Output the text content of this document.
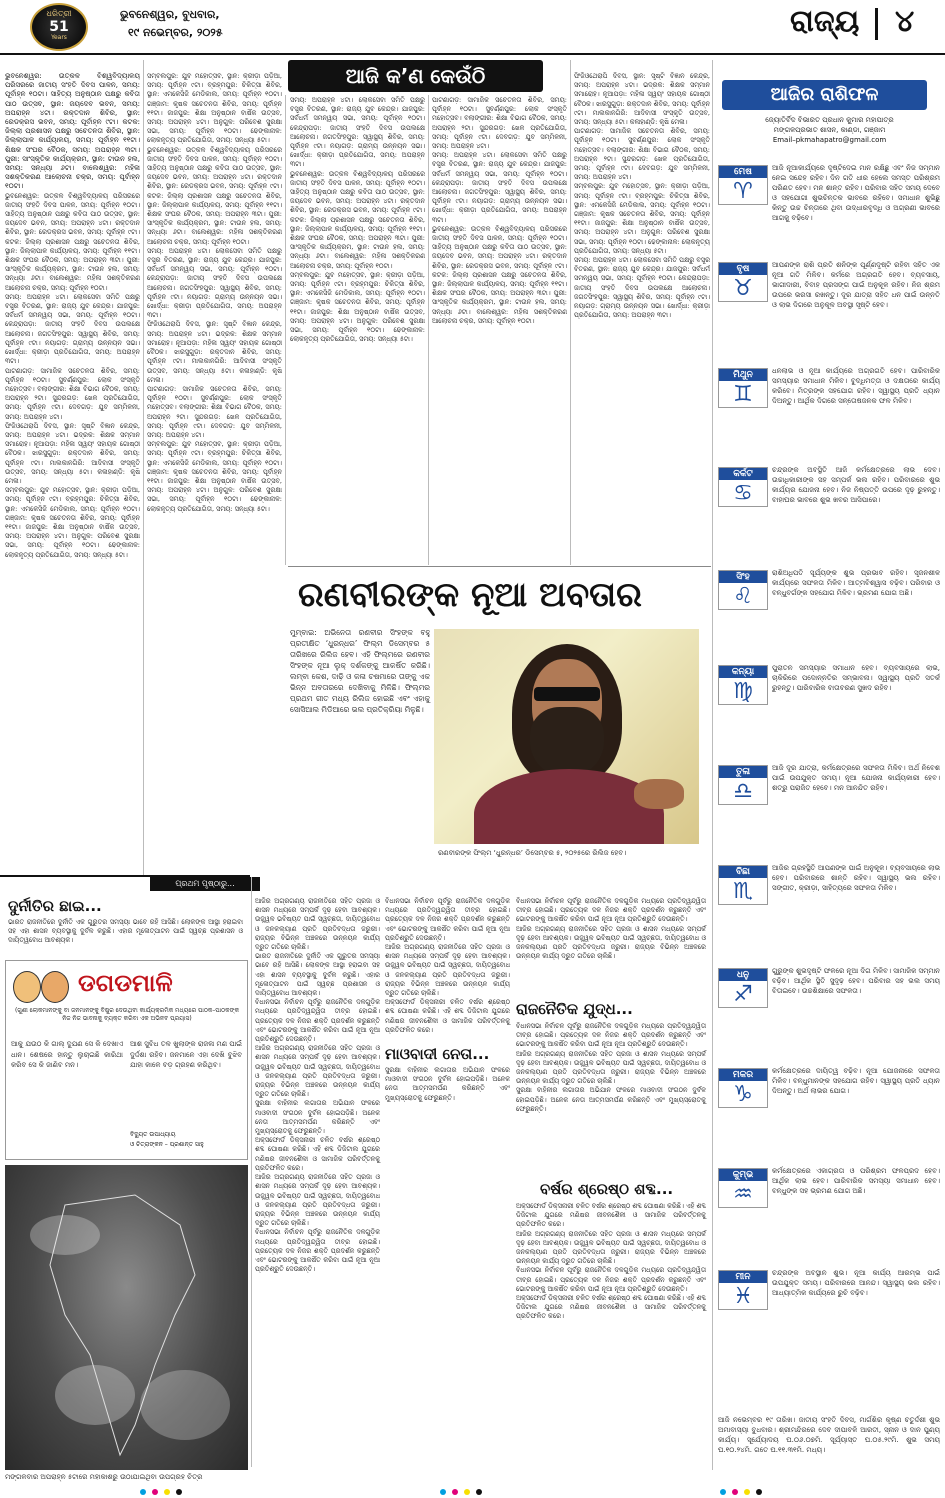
ଧରିତ୍ରୀ
51
Years
ଭୁବନେଶ୍ୱର, ବୁଧବାର,
୧୯ ନଭେମ୍ବର, ୨୦୨୫	ରାଜ୍ୟ ୪
ଆଜି କ’ଣ କେଉଁଠି
ଭୁବନେଶ୍ୱର: ଉତ୍କଳ ବିଶ୍ୱବିଦ୍ୟାଳୟ ପରିସରରେ ଜାତୀୟ ସଂହତି ଦିବସ ପାଳନ, ସମୟ: ପୂର୍ବାହ୍ନ ୧୦ଟା। ସାହିତ୍ୟ ଅନୁଷ୍ଠାନ ପକ୍ଷରୁ କବିତା ପାଠ ଉତ୍ସବ, ସ୍ଥାନ: ଜୟଦେବ ଭବନ, ସମୟ: ଅପରାହ୍ନ ୪ଟା। ରକ୍ତଦାନ ଶିବିର, ସ୍ଥାନ: ରେଡକ୍ରସ ଭବନ, ସମୟ: ପୂର୍ବାହ୍ନ ୯ଟା। କଟକ: ଜିଲ୍ଲା ପ୍ରଶାସନ ପକ୍ଷରୁ ସଚେତନତା ଶିବିର, ସ୍ଥାନ: ଜିଲ୍ଲାପାଳ କାର୍ଯ୍ୟାଳୟ, ସମୟ: ପୂର୍ବାହ୍ନ ୧୧ଟା। ଶିକ୍ଷକ ସଂଘର ବୈଠକ, ସମୟ: ଅପରାହ୍ନ ୩ଟା। ପୁରୀ: ସାଂସ୍କୃତିକ କାର୍ଯ୍ୟକ୍ରମ, ସ୍ଥାନ: ଟାଉନ ହଲ, ସମୟ: ସନ୍ଧ୍ୟା ୬ଟା। ବାଲେଶ୍ୱର: ମହିଳା ସଶକ୍ତିକରଣ ଆଲୋଚନା ଚକ୍ର, ସମୟ: ପୂର୍ବାହ୍ନ ୧୦ଟା।
ଭୁବନେଶ୍ୱର: ଉତ୍କଳ ବିଶ୍ୱବିଦ୍ୟାଳୟ ପରିସରରେ ଜାତୀୟ ସଂହତି ଦିବସ ପାଳନ, ସମୟ: ପୂର୍ବାହ୍ନ ୧୦ଟା। ସାହିତ୍ୟ ଅନୁଷ୍ଠାନ ପକ୍ଷରୁ କବିତା ପାଠ ଉତ୍ସବ, ସ୍ଥାନ: ଜୟଦେବ ଭବନ, ସମୟ: ଅପରାହ୍ନ ୪ଟା। ରକ୍ତଦାନ ଶିବିର, ସ୍ଥାନ: ରେଡକ୍ରସ ଭବନ, ସମୟ: ପୂର୍ବାହ୍ନ ୯ଟା। କଟକ: ଜିଲ୍ଲା ପ୍ରଶାସନ ପକ୍ଷରୁ ସଚେତନତା ଶିବିର, ସ୍ଥାନ: ଜିଲ୍ଲାପାଳ କାର୍ଯ୍ୟାଳୟ, ସମୟ: ପୂର୍ବାହ୍ନ ୧୧ଟା। ଶିକ୍ଷକ ସଂଘର ବୈଠକ, ସମୟ: ଅପରାହ୍ନ ୩ଟା। ପୁରୀ: ସାଂସ୍କୃତିକ କାର୍ଯ୍ୟକ୍ରମ, ସ୍ଥାନ: ଟାଉନ ହଲ, ସମୟ: ସନ୍ଧ୍ୟା ୬ଟା। ବାଲେଶ୍ୱର: ମହିଳା ସଶକ୍ତିକରଣ ଆଲୋଚନା ଚକ୍ର, ସମୟ: ପୂର୍ବାହ୍ନ ୧୦ଟା।
ସମୟ: ଅପରାହ୍ନ ୪ଟା। ଲୋକସେବା ସମିତି ପକ୍ଷରୁ ବସ୍ତ୍ର ବିତରଣ, ସ୍ଥାନ: ରାଜ୍ୟ ଯୁବ କେନ୍ଦ୍ର। ଯାଜପୁର: ସର୍ବଧର୍ମ ସମନ୍ୱୟ ସଭା, ସମୟ: ପୂର୍ବାହ୍ନ ୧୦ଟା। କେନ୍ଦ୍ରାପଡ଼ା: ଜାତୀୟ ସଂହତି ଦିବସ ଉପଲକ୍ଷେ ଆଲୋଚନା। ଜଗତସିଂହପୁର: ସ୍ୱାସ୍ଥ୍ୟ ଶିବିର, ସମୟ: ପୂର୍ବାହ୍ନ ୯ଟା। ନୟାଗଡ଼: ଗ୍ରାମ୍ୟ ଉନ୍ନୟନ ସଭା। ଖୋର୍ଦ୍ଧା: କ୍ରୀଡ଼ା ପ୍ରତିଯୋଗିତା, ସମୟ: ଅପରାହ୍ନ ୩ଟା।
ପାଟଣାଗଡ଼: ସାମାଜିକ ସଚେତନତା ଶିବିର, ସମୟ: ପୂର୍ବାହ୍ନ ୧୦ଟା। ସୁବର୍ଣ୍ଣପୁର: ଲୋକ ସଂସ୍କୃତି ମହୋତ୍ସବ। ବଲାଙ୍ଗୀର: ଶିକ୍ଷା ବିଭାଗ ବୈଠକ, ସମୟ: ଅପରାହ୍ନ ୨ଟା। ସୁନ୍ଦରଗଡ଼: ଖେଳ ପ୍ରତିଯୋଗିତା, ସମୟ: ପୂର୍ବାହ୍ନ ୯ଟା। ଦେବଗଡ଼: ଯୁବ ସମ୍ମିଳନୀ, ସମୟ: ଅପରାହ୍ନ ୪ଟା।
ଫିଜିଓଥେରାପି ଦିବସ, ସ୍ଥାନ: ସୃଷ୍ଟି ବିଜ୍ଞାନ କେନ୍ଦ୍ର, ସମୟ: ଅପରାହ୍ନ ୪ଟା। ଭଦ୍ରକ: ଶିକ୍ଷକ ସମ୍ମାନ ସମାରୋହ। ନୂଆପଡ଼ା: ମହିଳା ସ୍ୱୟଂ ସହାୟକ ଗୋଷ୍ଠୀ ବୈଠକ। ଝାରସୁଗୁଡ଼ା: ରକ୍ତଦାନ ଶିବିର, ସମୟ: ପୂର୍ବାହ୍ନ ୯ଟା। ମାଲକାନଗିରି: ଆଦିବାସୀ ସଂସ୍କୃତି ଉତ୍ସବ, ସମୟ: ସନ୍ଧ୍ୟା ୫ଟା। କଳାହାଣ୍ଡି: କୃଷି ମେଳା।
ସମ୍ବଲପୁର: ଯୁବ ମହୋତ୍ସବ, ସ୍ଥାନ: କ୍ରୀଡ଼ା ପଡ଼ିଆ, ସମୟ: ପୂର୍ବାହ୍ନ ୯ଟା। ବ୍ରହ୍ମପୁର: ଚିକିତ୍ସା ଶିବିର, ସ୍ଥାନ: ଏମକେସିଜି ମେଡିକାଲ, ସମୟ: ପୂର୍ବାହ୍ନ ୧୦ଟା। ଗଞ୍ଜାମ: କୃଷକ ସଚେତନତା ଶିବିର, ସମୟ: ପୂର୍ବାହ୍ନ ୧୧ଟା। ଜାଜପୁର: ଶିକ୍ଷା ଅନୁଷ୍ଠାନ ବାର୍ଷିକ ଉତ୍ସବ, ସମୟ: ଅପରାହ୍ନ ୪ଟା। ଅନୁଗୁଳ: ପରିବେଶ ସୁରକ୍ଷା ସଭା, ସମୟ: ପୂର୍ବାହ୍ନ ୧୦ଟା। ଢେଙ୍କାନାଳ: ଲୋକନୃତ୍ୟ ପ୍ରତିଯୋଗିତା, ସମୟ: ସନ୍ଧ୍ୟା ୫ଟା।
ସମ୍ବଲପୁର: ଯୁବ ମହୋତ୍ସବ, ସ୍ଥାନ: କ୍ରୀଡ଼ା ପଡ଼ିଆ, ସମୟ: ପୂର୍ବାହ୍ନ ୯ଟା। ବ୍ରହ୍ମପୁର: ଚିକିତ୍ସା ଶିବିର, ସ୍ଥାନ: ଏମକେସିଜି ମେଡିକାଲ, ସମୟ: ପୂର୍ବାହ୍ନ ୧୦ଟା। ଗଞ୍ଜାମ: କୃଷକ ସଚେତନତା ଶିବିର, ସମୟ: ପୂର୍ବାହ୍ନ ୧୧ଟା। ଜାଜପୁର: ଶିକ୍ଷା ଅନୁଷ୍ଠାନ ବାର୍ଷିକ ଉତ୍ସବ, ସମୟ: ଅପରାହ୍ନ ୪ଟା। ଅନୁଗୁଳ: ପରିବେଶ ସୁରକ୍ଷା ସଭା, ସମୟ: ପୂର୍ବାହ୍ନ ୧୦ଟା। ଢେଙ୍କାନାଳ: ଲୋକନୃତ୍ୟ ପ୍ରତିଯୋଗିତା, ସମୟ: ସନ୍ଧ୍ୟା ୫ଟା।
ଭୁବନେଶ୍ୱର: ଉତ୍କଳ ବିଶ୍ୱବିଦ୍ୟାଳୟ ପରିସରରେ ଜାତୀୟ ସଂହତି ଦିବସ ପାଳନ, ସମୟ: ପୂର୍ବାହ୍ନ ୧୦ଟା। ସାହିତ୍ୟ ଅନୁଷ୍ଠାନ ପକ୍ଷରୁ କବିତା ପାଠ ଉତ୍ସବ, ସ୍ଥାନ: ଜୟଦେବ ଭବନ, ସମୟ: ଅପରାହ୍ନ ୪ଟା। ରକ୍ତଦାନ ଶିବିର, ସ୍ଥାନ: ରେଡକ୍ରସ ଭବନ, ସମୟ: ପୂର୍ବାହ୍ନ ୯ଟା। କଟକ: ଜିଲ୍ଲା ପ୍ରଶାସନ ପକ୍ଷରୁ ସଚେତନତା ଶିବିର, ସ୍ଥାନ: ଜିଲ୍ଲାପାଳ କାର୍ଯ୍ୟାଳୟ, ସମୟ: ପୂର୍ବାହ୍ନ ୧୧ଟା। ଶିକ୍ଷକ ସଂଘର ବୈଠକ, ସମୟ: ଅପରାହ୍ନ ୩ଟା। ପୁରୀ: ସାଂସ୍କୃତିକ କାର୍ଯ୍ୟକ୍ରମ, ସ୍ଥାନ: ଟାଉନ ହଲ, ସମୟ: ସନ୍ଧ୍ୟା ୬ଟା। ବାଲେଶ୍ୱର: ମହିଳା ସଶକ୍ତିକରଣ ଆଲୋଚନା ଚକ୍ର, ସମୟ: ପୂର୍ବାହ୍ନ ୧୦ଟା।
ସମୟ: ଅପରାହ୍ନ ୪ଟା। ଲୋକସେବା ସମିତି ପକ୍ଷରୁ ବସ୍ତ୍ର ବିତରଣ, ସ୍ଥାନ: ରାଜ୍ୟ ଯୁବ କେନ୍ଦ୍ର। ଯାଜପୁର: ସର୍ବଧର୍ମ ସମନ୍ୱୟ ସଭା, ସମୟ: ପୂର୍ବାହ୍ନ ୧୦ଟା। କେନ୍ଦ୍ରାପଡ଼ା: ଜାତୀୟ ସଂହତି ଦିବସ ଉପଲକ୍ଷେ ଆଲୋଚନା। ଜଗତସିଂହପୁର: ସ୍ୱାସ୍ଥ୍ୟ ଶିବିର, ସମୟ: ପୂର୍ବାହ୍ନ ୯ଟା। ନୟାଗଡ଼: ଗ୍ରାମ୍ୟ ଉନ୍ନୟନ ସଭା। ଖୋର୍ଦ୍ଧା: କ୍ରୀଡ଼ା ପ୍ରତିଯୋଗିତା, ସମୟ: ଅପରାହ୍ନ ୩ଟା।
ଫିଜିଓଥେରାପି ଦିବସ, ସ୍ଥାନ: ସୃଷ୍ଟି ବିଜ୍ଞାନ କେନ୍ଦ୍ର, ସମୟ: ଅପରାହ୍ନ ୪ଟା। ଭଦ୍ରକ: ଶିକ୍ଷକ ସମ୍ମାନ ସମାରୋହ। ନୂଆପଡ଼ା: ମହିଳା ସ୍ୱୟଂ ସହାୟକ ଗୋଷ୍ଠୀ ବୈଠକ। ଝାରସୁଗୁଡ଼ା: ରକ୍ତଦାନ ଶିବିର, ସମୟ: ପୂର୍ବାହ୍ନ ୯ଟା। ମାଲକାନଗିରି: ଆଦିବାସୀ ସଂସ୍କୃତି ଉତ୍ସବ, ସମୟ: ସନ୍ଧ୍ୟା ୫ଟା। କଳାହାଣ୍ଡି: କୃଷି ମେଳା।
ପାଟଣାଗଡ଼: ସାମାଜିକ ସଚେତନତା ଶିବିର, ସମୟ: ପୂର୍ବାହ୍ନ ୧୦ଟା। ସୁବର୍ଣ୍ଣପୁର: ଲୋକ ସଂସ୍କୃତି ମହୋତ୍ସବ। ବଲାଙ୍ଗୀର: ଶିକ୍ଷା ବିଭାଗ ବୈଠକ, ସମୟ: ଅପରାହ୍ନ ୨ଟା। ସୁନ୍ଦରଗଡ଼: ଖେଳ ପ୍ରତିଯୋଗିତା, ସମୟ: ପୂର୍ବାହ୍ନ ୯ଟା। ଦେବଗଡ଼: ଯୁବ ସମ୍ମିଳନୀ, ସମୟ: ଅପରାହ୍ନ ୪ଟା।
ସମ୍ବଲପୁର: ଯୁବ ମହୋତ୍ସବ, ସ୍ଥାନ: କ୍ରୀଡ଼ା ପଡ଼ିଆ, ସମୟ: ପୂର୍ବାହ୍ନ ୯ଟା। ବ୍ରହ୍ମପୁର: ଚିକିତ୍ସା ଶିବିର, ସ୍ଥାନ: ଏମକେସିଜି ମେଡିକାଲ, ସମୟ: ପୂର୍ବାହ୍ନ ୧୦ଟା। ଗଞ୍ଜାମ: କୃଷକ ସଚେତନତା ଶିବିର, ସମୟ: ପୂର୍ବାହ୍ନ ୧୧ଟା। ଜାଜପୁର: ଶିକ୍ଷା ଅନୁଷ୍ଠାନ ବାର୍ଷିକ ଉତ୍ସବ, ସମୟ: ଅପରାହ୍ନ ୪ଟା। ଅନୁଗୁଳ: ପରିବେଶ ସୁରକ୍ଷା ସଭା, ସମୟ: ପୂର୍ବାହ୍ନ ୧୦ଟା। ଢେଙ୍କାନାଳ: ଲୋକନୃତ୍ୟ ପ୍ରତିଯୋଗିତା, ସମୟ: ସନ୍ଧ୍ୟା ୫ଟା।
ସମୟ: ଅପରାହ୍ନ ୪ଟା। ଲୋକସେବା ସମିତି ପକ୍ଷରୁ ବସ୍ତ୍ର ବିତରଣ, ସ୍ଥାନ: ରାଜ୍ୟ ଯୁବ କେନ୍ଦ୍ର। ଯାଜପୁର: ସର୍ବଧର୍ମ ସମନ୍ୱୟ ସଭା, ସମୟ: ପୂର୍ବାହ୍ନ ୧୦ଟା। କେନ୍ଦ୍ରାପଡ଼ା: ଜାତୀୟ ସଂହତି ଦିବସ ଉପଲକ୍ଷେ ଆଲୋଚନା। ଜଗତସିଂହପୁର: ସ୍ୱାସ୍ଥ୍ୟ ଶିବିର, ସମୟ: ପୂର୍ବାହ୍ନ ୯ଟା। ନୟାଗଡ଼: ଗ୍ରାମ୍ୟ ଉନ୍ନୟନ ସଭା। ଖୋର୍ଦ୍ଧା: କ୍ରୀଡ଼ା ପ୍ରତିଯୋଗିତା, ସମୟ: ଅପରାହ୍ନ ୩ଟା।
ଭୁବନେଶ୍ୱର: ଉତ୍କଳ ବିଶ୍ୱବିଦ୍ୟାଳୟ ପରିସରରେ ଜାତୀୟ ସଂହତି ଦିବସ ପାଳନ, ସମୟ: ପୂର୍ବାହ୍ନ ୧୦ଟା। ସାହିତ୍ୟ ଅନୁଷ୍ଠାନ ପକ୍ଷରୁ କବିତା ପାଠ ଉତ୍ସବ, ସ୍ଥାନ: ଜୟଦେବ ଭବନ, ସମୟ: ଅପରାହ୍ନ ୪ଟା। ରକ୍ତଦାନ ଶିବିର, ସ୍ଥାନ: ରେଡକ୍ରସ ଭବନ, ସମୟ: ପୂର୍ବାହ୍ନ ୯ଟା। କଟକ: ଜିଲ୍ଲା ପ୍ରଶାସନ ପକ୍ଷରୁ ସଚେତନତା ଶିବିର, ସ୍ଥାନ: ଜିଲ୍ଲାପାଳ କାର୍ଯ୍ୟାଳୟ, ସମୟ: ପୂର୍ବାହ୍ନ ୧୧ଟା। ଶିକ୍ଷକ ସଂଘର ବୈଠକ, ସମୟ: ଅପରାହ୍ନ ୩ଟା। ପୁରୀ: ସାଂସ୍କୃତିକ କାର୍ଯ୍ୟକ୍ରମ, ସ୍ଥାନ: ଟାଉନ ହଲ, ସମୟ: ସନ୍ଧ୍ୟା ୬ଟା। ବାଲେଶ୍ୱର: ମହିଳା ସଶକ୍ତିକରଣ ଆଲୋଚନା ଚକ୍ର, ସମୟ: ପୂର୍ବାହ୍ନ ୧୦ଟା।
ସମ୍ବଲପୁର: ଯୁବ ମହୋତ୍ସବ, ସ୍ଥାନ: କ୍ରୀଡ଼ା ପଡ଼ିଆ, ସମୟ: ପୂର୍ବାହ୍ନ ୯ଟା। ବ୍ରହ୍ମପୁର: ଚିକିତ୍ସା ଶିବିର, ସ୍ଥାନ: ଏମକେସିଜି ମେଡିକାଲ, ସମୟ: ପୂର୍ବାହ୍ନ ୧୦ଟା। ଗଞ୍ଜାମ: କୃଷକ ସଚେତନତା ଶିବିର, ସମୟ: ପୂର୍ବାହ୍ନ ୧୧ଟା। ଜାଜପୁର: ଶିକ୍ଷା ଅନୁଷ୍ଠାନ ବାର୍ଷିକ ଉତ୍ସବ, ସମୟ: ଅପରାହ୍ନ ୪ଟା। ଅନୁଗୁଳ: ପରିବେଶ ସୁରକ୍ଷା ସଭା, ସମୟ: ପୂର୍ବାହ୍ନ ୧୦ଟା। ଢେଙ୍କାନାଳ: ଲୋକନୃତ୍ୟ ପ୍ରତିଯୋଗିତା, ସମୟ: ସନ୍ଧ୍ୟା ୫ଟା।
ପାଟଣାଗଡ଼: ସାମାଜିକ ସଚେତନତା ଶିବିର, ସମୟ: ପୂର୍ବାହ୍ନ ୧୦ଟା। ସୁବର୍ଣ୍ଣପୁର: ଲୋକ ସଂସ୍କୃତି ମହୋତ୍ସବ। ବଲାଙ୍ଗୀର: ଶିକ୍ଷା ବିଭାଗ ବୈଠକ, ସମୟ: ଅପରାହ୍ନ ୨ଟା। ସୁନ୍ଦରଗଡ଼: ଖେଳ ପ୍ରତିଯୋଗିତା, ସମୟ: ପୂର୍ବାହ୍ନ ୯ଟା। ଦେବଗଡ଼: ଯୁବ ସମ୍ମିଳନୀ, ସମୟ: ଅପରାହ୍ନ ୪ଟା।
ସମୟ: ଅପରାହ୍ନ ୪ଟା। ଲୋକସେବା ସମିତି ପକ୍ଷରୁ ବସ୍ତ୍ର ବିତରଣ, ସ୍ଥାନ: ରାଜ୍ୟ ଯୁବ କେନ୍ଦ୍ର। ଯାଜପୁର: ସର୍ବଧର୍ମ ସମନ୍ୱୟ ସଭା, ସମୟ: ପୂର୍ବାହ୍ନ ୧୦ଟା। କେନ୍ଦ୍ରାପଡ଼ା: ଜାତୀୟ ସଂହତି ଦିବସ ଉପଲକ୍ଷେ ଆଲୋଚନା। ଜଗତସିଂହପୁର: ସ୍ୱାସ୍ଥ୍ୟ ଶିବିର, ସମୟ: ପୂର୍ବାହ୍ନ ୯ଟା। ନୟାଗଡ଼: ଗ୍ରାମ୍ୟ ଉନ୍ନୟନ ସଭା। ଖୋର୍ଦ୍ଧା: କ୍ରୀଡ଼ା ପ୍ରତିଯୋଗିତା, ସମୟ: ଅପରାହ୍ନ ୩ଟା।
ଭୁବନେଶ୍ୱର: ଉତ୍କଳ ବିଶ୍ୱବିଦ୍ୟାଳୟ ପରିସରରେ ଜାତୀୟ ସଂହତି ଦିବସ ପାଳନ, ସମୟ: ପୂର୍ବାହ୍ନ ୧୦ଟା। ସାହିତ୍ୟ ଅନୁଷ୍ଠାନ ପକ୍ଷରୁ କବିତା ପାଠ ଉତ୍ସବ, ସ୍ଥାନ: ଜୟଦେବ ଭବନ, ସମୟ: ଅପରାହ୍ନ ୪ଟା। ରକ୍ତଦାନ ଶିବିର, ସ୍ଥାନ: ରେଡକ୍ରସ ଭବନ, ସମୟ: ପୂର୍ବାହ୍ନ ୯ଟା। କଟକ: ଜିଲ୍ଲା ପ୍ରଶାସନ ପକ୍ଷରୁ ସଚେତନତା ଶିବିର, ସ୍ଥାନ: ଜିଲ୍ଲାପାଳ କାର୍ଯ୍ୟାଳୟ, ସମୟ: ପୂର୍ବାହ୍ନ ୧୧ଟା। ଶିକ୍ଷକ ସଂଘର ବୈଠକ, ସମୟ: ଅପରାହ୍ନ ୩ଟା। ପୁରୀ: ସାଂସ୍କୃତିକ କାର୍ଯ୍ୟକ୍ରମ, ସ୍ଥାନ: ଟାଉନ ହଲ, ସମୟ: ସନ୍ଧ୍ୟା ୬ଟା। ବାଲେଶ୍ୱର: ମହିଳା ସଶକ୍ତିକରଣ ଆଲୋଚନା ଚକ୍ର, ସମୟ: ପୂର୍ବାହ୍ନ ୧୦ଟା।
ଫିଜିଓଥେରାପି ଦିବସ, ସ୍ଥାନ: ସୃଷ୍ଟି ବିଜ୍ଞାନ କେନ୍ଦ୍ର, ସମୟ: ଅପରାହ୍ନ ୪ଟା। ଭଦ୍ରକ: ଶିକ୍ଷକ ସମ୍ମାନ ସମାରୋହ। ନୂଆପଡ଼ା: ମହିଳା ସ୍ୱୟଂ ସହାୟକ ଗୋଷ୍ଠୀ ବୈଠକ। ଝାରସୁଗୁଡ଼ା: ରକ୍ତଦାନ ଶିବିର, ସମୟ: ପୂର୍ବାହ୍ନ ୯ଟା। ମାଲକାନଗିରି: ଆଦିବାସୀ ସଂସ୍କୃତି ଉତ୍ସବ, ସମୟ: ସନ୍ଧ୍ୟା ୫ଟା। କଳାହାଣ୍ଡି: କୃଷି ମେଳା।
ପାଟଣାଗଡ଼: ସାମାଜିକ ସଚେତନତା ଶିବିର, ସମୟ: ପୂର୍ବାହ୍ନ ୧୦ଟା। ସୁବର୍ଣ୍ଣପୁର: ଲୋକ ସଂସ୍କୃତି ମହୋତ୍ସବ। ବଲାଙ୍ଗୀର: ଶିକ୍ଷା ବିଭାଗ ବୈଠକ, ସମୟ: ଅପରାହ୍ନ ୨ଟା। ସୁନ୍ଦରଗଡ଼: ଖେଳ ପ୍ରତିଯୋଗିତା, ସମୟ: ପୂର୍ବାହ୍ନ ୯ଟା। ଦେବଗଡ଼: ଯୁବ ସମ୍ମିଳନୀ, ସମୟ: ଅପରାହ୍ନ ୪ଟା।
ସମ୍ବଲପୁର: ଯୁବ ମହୋତ୍ସବ, ସ୍ଥାନ: କ୍ରୀଡ଼ା ପଡ଼ିଆ, ସମୟ: ପୂର୍ବାହ୍ନ ୯ଟା। ବ୍ରହ୍ମପୁର: ଚିକିତ୍ସା ଶିବିର, ସ୍ଥାନ: ଏମକେସିଜି ମେଡିକାଲ, ସମୟ: ପୂର୍ବାହ୍ନ ୧୦ଟା। ଗଞ୍ଜାମ: କୃଷକ ସଚେତନତା ଶିବିର, ସମୟ: ପୂର୍ବାହ୍ନ ୧୧ଟା। ଜାଜପୁର: ଶିକ୍ଷା ଅନୁଷ୍ଠାନ ବାର୍ଷିକ ଉତ୍ସବ, ସମୟ: ଅପରାହ୍ନ ୪ଟା। ଅନୁଗୁଳ: ପରିବେଶ ସୁରକ୍ଷା ସଭା, ସମୟ: ପୂର୍ବାହ୍ନ ୧୦ଟା। ଢେଙ୍କାନାଳ: ଲୋକନୃତ୍ୟ ପ୍ରତିଯୋଗିତା, ସମୟ: ସନ୍ଧ୍ୟା ୫ଟା।
ସମୟ: ଅପରାହ୍ନ ୪ଟା। ଲୋକସେବା ସମିତି ପକ୍ଷରୁ ବସ୍ତ୍ର ବିତରଣ, ସ୍ଥାନ: ରାଜ୍ୟ ଯୁବ କେନ୍ଦ୍ର। ଯାଜପୁର: ସର୍ବଧର୍ମ ସମନ୍ୱୟ ସଭା, ସମୟ: ପୂର୍ବାହ୍ନ ୧୦ଟା। କେନ୍ଦ୍ରାପଡ଼ା: ଜାତୀୟ ସଂହତି ଦିବସ ଉପଲକ୍ଷେ ଆଲୋଚନା। ଜଗତସିଂହପୁର: ସ୍ୱାସ୍ଥ୍ୟ ଶିବିର, ସମୟ: ପୂର୍ବାହ୍ନ ୯ଟା। ନୟାଗଡ଼: ଗ୍ରାମ୍ୟ ଉନ୍ନୟନ ସଭା। ଖୋର୍ଦ୍ଧା: କ୍ରୀଡ଼ା ପ୍ରତିଯୋଗିତା, ସମୟ: ଅପରାହ୍ନ ୩ଟା।
ରଣବୀରଙ୍କ ନୂଆ ଅବତାର
ମୁମ୍ବାଇ: ଅଭିନେତା ରଣବୀର ସିଂହଙ୍କ ବହୁ ପ୍ରତୀକ୍ଷିତ ‘ଧୁରନ୍ଧର’ ଫିଲ୍ମ ଡିସେମ୍ବର ୫ ତାରିଖରେ ରିଲିଜ ହେବ। ଏହି ଫିଲ୍ମରେ ରଣବୀର ସିଂହଙ୍କ ନୂଆ ଲୁକ୍ ଦର୍ଶକଙ୍କୁ ଆକର୍ଷିତ କରିଛି। ଲମ୍ବା କେଶ, ଦାଢ଼ି ଓ କଳା ଚଷମାରେ ତାଙ୍କୁ ଏକ ଭିନ୍ନ ଅବତାରରେ ଦେଖିବାକୁ ମିଳିଛି। ଫିଲ୍ମର ପ୍ରଥମ ଗୀତ ମଧ୍ୟ ରିଲିଜ ହୋଇଛି ଏବଂ ଏହାକୁ ସୋସିଆଲ ମିଡିଆରେ ଭଲ ପ୍ରତିକ୍ରିୟା ମିଳୁଛି।
ରଣବୀରଙ୍କ ଫିଲ୍ମ ‘ଧୁରନ୍ଧର’ ଡିସେମ୍ବର ୫, ୨୦୨୫ରେ ରିଲିଜ ହେବ।
ଆଜିର ରାଶିଫଳ
ଜ୍ୟୋତିର୍ବିଦ ବିଭାରତ ପ୍ରଧାନ କୁମାର ମହାପାତ୍ର
ମଙ୍ଗଳପ୍ରଭାତ ଶାସନ, କାଣ୍ଡା, ଗଞ୍ଜାମ
Email–pkmahapatro@gmail.com
ମେଷ
♈
ଆଜି ନୂଆକାର୍ଯ୍ୟରେ ଦୃଷ୍ଟିଦେଇ ମାନ ରକ୍ଷିଛୁ ଏବଂ ନିଜ ସମ୍ମାନ ନେଇ ସନ୍ଦେହ ରହିବ। ଦିନ ଗତି ଧୀର ହେଲେ ସମସ୍ତ ପରିଶ୍ରମ ପରିଣତ ହେବ। ମନ ଶାନ୍ତ ରହିବ। ପରିବାର ସହିତ ସମୟ ଦେବେ ଓ ସହଯୋଗୀ ଶୁଭଚିନ୍ତକ ଭାବରେ ରହିବେ। ସମାଧାନ ଶୁଭିଛୁ କିନ୍ତୁ ଉଚ୍ଚ ଚିନ୍ତାରେ ଥିବା ଉଦ୍ଧାରବୃଦ୍ଧି ଓ ଅଗ୍ରଣୀ ଭାବରେ ଆଗକୁ ବଢ଼ିବେ।
ବୃଷ
♉
ଆପଣଙ୍କ ରାଶି ପ୍ରତି ଶନିଙ୍କ ପୂର୍ଣ୍ଣଦୃଷ୍ଟି ରହିବା ସହିତ ଏକ ନୂଆ ଗତି ମିଳିବ। କର୍ମରେ ଅଗ୍ରଗତି ହେବ। ବ୍ୟବସାୟ, ଭାଗୀଦାରୀ, ବିବାହ ପ୍ରସଙ୍ଗ ପାଇଁ ଅନୁକୂଳ ରହିବ। ନିଜ ଶ୍ରମ ଉପରେ ଭରସା ରଖନ୍ତୁ। ଦୂର ଯାତ୍ରା ସହିତ ଧନ ପାଇଁ ଉନ୍ନତି ଓ ଲାଭ ଦିଗରେ ଅନୁକୂଳ ଅବସ୍ଥା ସୃଷ୍ଟି ହେବ।
ମିଥୁନ
♊
ଧନଲାଭ ଓ ନୂଆ କାର୍ଯ୍ୟରେ ଅଗ୍ରଗତି ହେବ। ପାରିବାରିକ ସମସ୍ୟାର ସମାଧାନ ମିଳିବ। ବୁଦ୍ଧିମତ୍ତା ଓ ଦକ୍ଷତାରେ କାର୍ଯ୍ୟ କରିବେ। ମିତ୍ରଙ୍କ ସହଯୋଗ ରହିବ। ସ୍ୱାସ୍ଥ୍ୟ ପ୍ରତି ଧ୍ୟାନ ଦିଅନ୍ତୁ। ଆର୍ଥିକ ଦିଗରେ ସନ୍ତୋଷଜନକ ଫଳ ମିଳିବ।
କର୍କଟ
♋
ଚନ୍ଦ୍ରଙ୍କ ଅବସ୍ଥିତି ଆଜି କର୍ମକ୍ଷେତ୍ରରେ ଲାଭ ଦେବ। ଉଚ୍ଚାଧିକାରୀଙ୍କ ସହ ସମ୍ପର୍କ ଭଲ ରହିବ। ପରିବାରରେ ଶୁଭ କାର୍ଯ୍ୟର ଯୋଜନା ହେବ। ନିଜ ନିଷ୍ପତ୍ତି ଉପରେ ଦୃଢ଼ ରୁହନ୍ତୁ। ବାହାଘର ଭାବରେ ଶୁଭ ଖବର ଆସିପାରେ।
ସିଂହ
♌
ରାଶିଅଧିପତି ସୂର୍ଯ୍ୟଙ୍କ ଶୁଭ ପ୍ରଭାବ ରହିବ। ସୃଜନଶୀଳ କାର୍ଯ୍ୟରେ ସଫଳତା ମିଳିବ। ଆତ୍ମବିଶ୍ୱାସ ବଢ଼ିବ। ପରିବାର ଓ ବନ୍ଧୁବର୍ଗଙ୍କ ସହଯୋଗ ମିଳିବ। ଭ୍ରମଣ ଯୋଗ ଅଛି।
କନ୍ୟା
♍
ପୁରାତନ ସମସ୍ୟାର ସମାଧାନ ହେବ। ବ୍ୟବସାୟରେ ଲାଭ, ଚାକିରିରେ ପଦୋନ୍ନତିର ସମ୍ଭାବନା। ସ୍ୱାସ୍ଥ୍ୟ ପ୍ରତି ସତର୍କ ରୁହନ୍ତୁ। ପାରିବାରିକ ବାତାବରଣ ସୁଖଦ ରହିବ।
ତୁଳା
♎
ଆଜି ଦୂର ଯାତ୍ରା, କର୍ମକ୍ଷେତ୍ରରେ ସଫଳତା ମିଳିବ। ଅର୍ଥ ନିବେଶ ପାଇଁ ଉପଯୁକ୍ତ ସମୟ। ନୂଆ ଯୋଜନା କାର୍ଯ୍ୟକାରୀ ହେବ। ଶତ୍ରୁ ପରାଜିତ ହେବେ। ମନ ଆନନ୍ଦିତ ରହିବ।
ବିଛା
♏
ଆଜିର ଗ୍ରହସ୍ଥିତି ଆପଣଙ୍କ ପାଇଁ ଅନୁକୂଳ। ବ୍ୟବସାୟରେ ଲାଭ ହେବ। ପରିବାରରେ ଶାନ୍ତି ରହିବ। ସ୍ୱାସ୍ଥ୍ୟ ଭଲ ରହିବ। ସଙ୍ଗୀତ, କ୍ରୀଡ଼ା, ସାହିତ୍ୟରେ ସଫଳତା ମିଳିବ।
ଧନୁ
♐
ଗୁରୁଙ୍କ ଶୁଭଦୃଷ୍ଟି ଫଳରେ ନୂଆ ଦିଗ ମିଳିବ। ସାମାଜିକ ସମ୍ମାନ ବଢ଼ିବ। ଆର୍ଥିକ ସ୍ଥିତି ସୁଦୃଢ଼ ହେବ। ପରିବାର ସହ ଭଲ ସମୟ ବିତାଇବେ। ଉଚ୍ଚଶିକ୍ଷାରେ ସଫଳତା।
ମକର
♑
କର୍ମକ୍ଷେତ୍ରରେ ଦାୟିତ୍ୱ ବଢ଼ିବ। ନୂଆ ଯୋଜନାରେ ସଫଳତା ମିଳିବ। ବନ୍ଧୁମାନଙ୍କ ସହଯୋଗ ରହିବ। ସ୍ୱାସ୍ଥ୍ୟ ପ୍ରତି ଧ୍ୟାନ ଦିଅନ୍ତୁ। ଅର୍ଥ ଲାଭର ଯୋଗ।
କୁମ୍ଭ
♒
କର୍ମକ୍ଷେତ୍ରରେ ଏକାଗ୍ରତା ଓ ପରିଶ୍ରମ ଫଳପ୍ରଦ ହେବ। ଆର୍ଥିକ ଲାଭ ହେବ। ପାରିବାରିକ ସମସ୍ୟା ସମାଧାନ ହେବ। ବନ୍ଧୁଙ୍କ ସହ ଭ୍ରମଣ ଯୋଗ ଅଛି।
ମୀନ
♓
ଚନ୍ଦ୍ରଙ୍କ ଅବସ୍ଥାନ ଶୁଭ। ନୂଆ କାର୍ଯ୍ୟ ଆରମ୍ଭ ପାଇଁ ଉପଯୁକ୍ତ ସମୟ। ପରିବାରରେ ଆନନ୍ଦ। ସ୍ୱାସ୍ଥ୍ୟ ଭଲ ରହିବ। ଆଧ୍ୟାତ୍ମିକ କାର୍ଯ୍ୟରେ ରୁଚି ବଢ଼ିବ।
ଆଜି ନଭେମ୍ବର ୧୯ ତାରିଖ। ଜାତୀୟ ସଂହତି ଦିବସ, ମାର୍ଗଶିର କୃଷ୍ଣ ଚତୁର୍ଦ୍ଦଶୀ ଶୁଭ ଅମାବାସ୍ୟା ବୁଧବାର। ଶ୍ରୀମନ୍ଦିରରେ ଦେବ ଦୀପାବଳି ଆରତୀ, ସ୍ନାନ ଓ ଦାନ ପୁଣ୍ୟ କାର୍ଯ୍ୟ। ସୂର୍ଯ୍ୟୋଦୟ ଘ.୦୬.୦୭ମି. ସୂର୍ଯ୍ୟାସ୍ତ ଘ.୦୫.୨୯ମି. ଶୁଭ ସମୟ ଘ.୧୦.୨୪ମି. ଗତେ ଘ.୧୧.୩୧ମି. ମଧ୍ୟ।
ଦୁର୍ନୀତିର ଛାଇ...
ଭାରତ ରାଜନୀତିରେ ଦୁର୍ନୀତି ଏକ ଗୁରୁତର ସମସ୍ୟା ଭାବେ ରହି ଆସିଛି। ଲୋକଙ୍କ ଆସ୍ଥା ହରାଇବା ସହ ଏହା ଶାସନ ବ୍ୟବସ୍ଥାକୁ ଦୁର୍ବଳ କରୁଛି। ଏହାର ମୂଳୋତ୍ପାଟନ ପାଇଁ ସ୍ୱଚ୍ଛ ପ୍ରଶାସନ ଓ ଦାୟିତ୍ୱବୋଧ ଆବଶ୍ୟକ।
ଡଗଡମାଳି
(ଗୁଣୀ ଲୋକମାନଙ୍କୁ ବା ଜନମାନଙ୍କୁ ବିଷୁର ଦେଉଥିବା କାର୍ଯ୍ୟକ୍ରମିକ ମଧ୍ୟରେ ପାଠକ–ପାଠକଙ୍କ ନିଜ ନିଜ ଭାବନାକୁ ବ୍ୟକ୍ତ କରିବା ଏକ ଅଭିନବ ପ୍ରୟାସ)
ଆକୁ ଯଉଠ କି ଗାଲ୍ ଦୁଯଣ ସେ କି ଦେଖାଏ ଧାନ। ଶେଷରେ ହାନ୍ତୁ ଲୁଚାଇଛି କାରିଥା କରିବ ସେ କି ଜାଣିବ ମନ।
ଆଶ ସୁବିଧ ତଳ ଖୁଲାଙ୍କ ରାଜଳା ମଣ ପାଇଁ ଦୁର୍ଦ୍ଦଶା ରହିବ। ଜନମାନେ ଏହା ଦେଖି ବୁଝିବ ଯାହା କାଳେ ବଡ଼ ଗ୍ରହଣ କରିଥିବ।
ବିଦ୍ୟୁତ ଉପାଧ୍ୟାୟ
ଓ ଚିତ୍ରାଙ୍କନ – ପ୍ରଶାନ୍ତ ସାହୁ
ମଙ୍ଗଳବାର ଅପରାହ୍ନ ୫ଟାରେ ମହାକାଶରୁ ଉଠାଯାଇଥିବା ଉପଗ୍ରହ ଚିତ୍ର
ପ୍ରଥମ ପୃଷ୍ଠାରୁ...
ଆଜିର ଅଗ୍ରଗଣ୍ୟ ରାଜନୀତିରେ ସହିତ ପ୍ରଜା ଓ ଶାସନ ମଧ୍ୟରେ ସମ୍ପର୍କ ଦୃଢ଼ ହେବା ଆବଶ୍ୟକ। ଉଜ୍ଜ୍ୱଳ ଭବିଷ୍ୟତ ପାଇଁ ସ୍ୱଚ୍ଛତା, ଦାୟିତ୍ୱବୋଧ ଓ ଜନକଲ୍ୟାଣ ପ୍ରତି ପ୍ରତିବଦ୍ଧତା ଜରୁରୀ। ରାଜ୍ୟର ବିଭିନ୍ନ ଅଞ୍ଚଳରେ ଉନ୍ନୟନ କାର୍ଯ୍ୟ ଦ୍ରୁତ ଗତିରେ ଚାଲିଛି।
ଭାରତ ରାଜନୀତିରେ ଦୁର୍ନୀତି ଏକ ଗୁରୁତର ସମସ୍ୟା ଭାବେ ରହି ଆସିଛି। ଲୋକଙ୍କ ଆସ୍ଥା ହରାଇବା ସହ ଏହା ଶାସନ ବ୍ୟବସ୍ଥାକୁ ଦୁର୍ବଳ କରୁଛି। ଏହାର ମୂଳୋତ୍ପାଟନ ପାଇଁ ସ୍ୱଚ୍ଛ ପ୍ରଶାସନ ଓ ଦାୟିତ୍ୱବୋଧ ଆବଶ୍ୟକ।
ବିଧାନସଭା ନିର୍ବାଚନ ପୂର୍ବରୁ ରାଜନୈତିକ ଦଳଗୁଡ଼ିକ ମଧ୍ୟରେ ପ୍ରତିଦ୍ୱନ୍ଦ୍ୱିତା ତୀବ୍ର ହୋଇଛି। ପ୍ରତ୍ୟେକ ଦଳ ନିଜର ଶକ୍ତି ପ୍ରଦର୍ଶନ କରୁଛନ୍ତି ଏବଂ ଭୋଟରଙ୍କୁ ଆକର୍ଷିତ କରିବା ପାଇଁ ନୂଆ ନୂଆ ପ୍ରତିଶ୍ରୁତି ଦେଉଛନ୍ତି।
ଆଜିର ଅଗ୍ରଗଣ୍ୟ ରାଜନୀତିରେ ସହିତ ପ୍ରଜା ଓ ଶାସନ ମଧ୍ୟରେ ସମ୍ପର୍କ ଦୃଢ଼ ହେବା ଆବଶ୍ୟକ। ଉଜ୍ଜ୍ୱଳ ଭବିଷ୍ୟତ ପାଇଁ ସ୍ୱଚ୍ଛତା, ଦାୟିତ୍ୱବୋଧ ଓ ଜନକଲ୍ୟାଣ ପ୍ରତି ପ୍ରତିବଦ୍ଧତା ଜରୁରୀ। ରାଜ୍ୟର ବିଭିନ୍ନ ଅଞ୍ଚଳରେ ଉନ୍ନୟନ କାର୍ଯ୍ୟ ଦ୍ରୁତ ଗତିରେ ଚାଲିଛି।
ସୁରକ୍ଷା ବାହିନୀର ଲଗାତାର ଅଭିଯାନ ଫଳରେ ମାଓବାଦୀ ସଂଗଠନ ଦୁର୍ବଳ ହୋଇପଡ଼ିଛି। ଅନେକ ନେତା ଆତ୍ମସମର୍ପଣ କରିଛନ୍ତି ଏବଂ ମୁଖ୍ୟସ୍ରୋତକୁ ଫେରୁଛନ୍ତି।
ଅକ୍ସଫୋର୍ଡ ଡିକ୍ସନାରୀ ଚଳିତ ବର୍ଷର ଶ୍ରେଷ୍ଠ ଶବ୍ଦ ଘୋଷଣା କରିଛି। ଏହି ଶବ୍ଦ ଡିଜିଟାଲ ଯୁଗରେ ମଣିଷର ଜୀବନଶୈଳୀ ଓ ସାମାଜିକ ପରିବର୍ତ୍ତନକୁ ପ୍ରତିଫଳିତ କରେ।
ଆଜିର ଅଗ୍ରଗଣ୍ୟ ରାଜନୀତିରେ ସହିତ ପ୍ରଜା ଓ ଶାସନ ମଧ୍ୟରେ ସମ୍ପର୍କ ଦୃଢ଼ ହେବା ଆବଶ୍ୟକ। ଉଜ୍ଜ୍ୱଳ ଭବିଷ୍ୟତ ପାଇଁ ସ୍ୱଚ୍ଛତା, ଦାୟିତ୍ୱବୋଧ ଓ ଜନକଲ୍ୟାଣ ପ୍ରତି ପ୍ରତିବଦ୍ଧତା ଜରୁରୀ। ରାଜ୍ୟର ବିଭିନ୍ନ ଅଞ୍ଚଳରେ ଉନ୍ନୟନ କାର୍ଯ୍ୟ ଦ୍ରୁତ ଗତିରେ ଚାଲିଛି।
ବିଧାନସଭା ନିର୍ବାଚନ ପୂର୍ବରୁ ରାଜନୈତିକ ଦଳଗୁଡ଼ିକ ମଧ୍ୟରେ ପ୍ରତିଦ୍ୱନ୍ଦ୍ୱିତା ତୀବ୍ର ହୋଇଛି। ପ୍ରତ୍ୟେକ ଦଳ ନିଜର ଶକ୍ତି ପ୍ରଦର୍ଶନ କରୁଛନ୍ତି ଏବଂ ଭୋଟରଙ୍କୁ ଆକର୍ଷିତ କରିବା ପାଇଁ ନୂଆ ନୂଆ ପ୍ରତିଶ୍ରୁତି ଦେଉଛନ୍ତି।
ବିଧାନସଭା ନିର୍ବାଚନ ପୂର୍ବରୁ ରାଜନୈତିକ ଦଳଗୁଡ଼ିକ ମଧ୍ୟରେ ପ୍ରତିଦ୍ୱନ୍ଦ୍ୱିତା ତୀବ୍ର ହୋଇଛି। ପ୍ରତ୍ୟେକ ଦଳ ନିଜର ଶକ୍ତି ପ୍ରଦର୍ଶନ କରୁଛନ୍ତି ଏବଂ ଭୋଟରଙ୍କୁ ଆକର୍ଷିତ କରିବା ପାଇଁ ନୂଆ ନୂଆ ପ୍ରତିଶ୍ରୁତି ଦେଉଛନ୍ତି।
ଆଜିର ଅଗ୍ରଗଣ୍ୟ ରାଜନୀତିରେ ସହିତ ପ୍ରଜା ଓ ଶାସନ ମଧ୍ୟରେ ସମ୍ପର୍କ ଦୃଢ଼ ହେବା ଆବଶ୍ୟକ। ଉଜ୍ଜ୍ୱଳ ଭବିଷ୍ୟତ ପାଇଁ ସ୍ୱଚ୍ଛତା, ଦାୟିତ୍ୱବୋଧ ଓ ଜନକଲ୍ୟାଣ ପ୍ରତି ପ୍ରତିବଦ୍ଧତା ଜରୁରୀ। ରାଜ୍ୟର ବିଭିନ୍ନ ଅଞ୍ଚଳରେ ଉନ୍ନୟନ କାର୍ଯ୍ୟ ଦ୍ରୁତ ଗତିରେ ଚାଲିଛି।
ଅକ୍ସଫୋର୍ଡ ଡିକ୍ସନାରୀ ଚଳିତ ବର୍ଷର ଶ୍ରେଷ୍ଠ ଶବ୍ଦ ଘୋଷଣା କରିଛି। ଏହି ଶବ୍ଦ ଡିଜିଟାଲ ଯୁଗରେ ମଣିଷର ଜୀବନଶୈଳୀ ଓ ସାମାଜିକ ପରିବର୍ତ୍ତନକୁ ପ୍ରତିଫଳିତ କରେ।
ମାଓବାଦୀ ନେତା...
ସୁରକ୍ଷା ବାହିନୀର ଲଗାତାର ଅଭିଯାନ ଫଳରେ ମାଓବାଦୀ ସଂଗଠନ ଦୁର୍ବଳ ହୋଇପଡ଼ିଛି। ଅନେକ ନେତା ଆତ୍ମସମର୍ପଣ କରିଛନ୍ତି ଏବଂ ମୁଖ୍ୟସ୍ରୋତକୁ ଫେରୁଛନ୍ତି।
ବିଧାନସଭା ନିର୍ବାଚନ ପୂର୍ବରୁ ରାଜନୈତିକ ଦଳଗୁଡ଼ିକ ମଧ୍ୟରେ ପ୍ରତିଦ୍ୱନ୍ଦ୍ୱିତା ତୀବ୍ର ହୋଇଛି। ପ୍ରତ୍ୟେକ ଦଳ ନିଜର ଶକ୍ତି ପ୍ରଦର୍ଶନ କରୁଛନ୍ତି ଏବଂ ଭୋଟରଙ୍କୁ ଆକର୍ଷିତ କରିବା ପାଇଁ ନୂଆ ନୂଆ ପ୍ରତିଶ୍ରୁତି ଦେଉଛନ୍ତି।
ଆଜିର ଅଗ୍ରଗଣ୍ୟ ରାଜନୀତିରେ ସହିତ ପ୍ରଜା ଓ ଶାସନ ମଧ୍ୟରେ ସମ୍ପର୍କ ଦୃଢ଼ ହେବା ଆବଶ୍ୟକ। ଉଜ୍ଜ୍ୱଳ ଭବିଷ୍ୟତ ପାଇଁ ସ୍ୱଚ୍ଛତା, ଦାୟିତ୍ୱବୋଧ ଓ ଜନକଲ୍ୟାଣ ପ୍ରତି ପ୍ରତିବଦ୍ଧତା ଜରୁରୀ। ରାଜ୍ୟର ବିଭିନ୍ନ ଅଞ୍ଚଳରେ ଉନ୍ନୟନ କାର୍ଯ୍ୟ ଦ୍ରୁତ ଗତିରେ ଚାଲିଛି।
ରାଜନୈତିକ ଯୁଦ୍ଧ...
ବିଧାନସଭା ନିର୍ବାଚନ ପୂର୍ବରୁ ରାଜନୈତିକ ଦଳଗୁଡ଼ିକ ମଧ୍ୟରେ ପ୍ରତିଦ୍ୱନ୍ଦ୍ୱିତା ତୀବ୍ର ହୋଇଛି। ପ୍ରତ୍ୟେକ ଦଳ ନିଜର ଶକ୍ତି ପ୍ରଦର୍ଶନ କରୁଛନ୍ତି ଏବଂ ଭୋଟରଙ୍କୁ ଆକର୍ଷିତ କରିବା ପାଇଁ ନୂଆ ନୂଆ ପ୍ରତିଶ୍ରୁତି ଦେଉଛନ୍ତି।
ଆଜିର ଅଗ୍ରଗଣ୍ୟ ରାଜନୀତିରେ ସହିତ ପ୍ରଜା ଓ ଶାସନ ମଧ୍ୟରେ ସମ୍ପର୍କ ଦୃଢ଼ ହେବା ଆବଶ୍ୟକ। ଉଜ୍ଜ୍ୱଳ ଭବିଷ୍ୟତ ପାଇଁ ସ୍ୱଚ୍ଛତା, ଦାୟିତ୍ୱବୋଧ ଓ ଜନକଲ୍ୟାଣ ପ୍ରତି ପ୍ରତିବଦ୍ଧତା ଜରୁରୀ। ରାଜ୍ୟର ବିଭିନ୍ନ ଅଞ୍ଚଳରେ ଉନ୍ନୟନ କାର୍ଯ୍ୟ ଦ୍ରୁତ ଗତିରେ ଚାଲିଛି।
ସୁରକ୍ଷା ବାହିନୀର ଲଗାତାର ଅଭିଯାନ ଫଳରେ ମାଓବାଦୀ ସଂଗଠନ ଦୁର୍ବଳ ହୋଇପଡ଼ିଛି। ଅନେକ ନେତା ଆତ୍ମସମର୍ପଣ କରିଛନ୍ତି ଏବଂ ମୁଖ୍ୟସ୍ରୋତକୁ ଫେରୁଛନ୍ତି।
ବର୍ଷର ଶ୍ରେଷ୍ଠ ଶବ୍ଦ...
ଅକ୍ସଫୋର୍ଡ ଡିକ୍ସନାରୀ ଚଳିତ ବର୍ଷର ଶ୍ରେଷ୍ଠ ଶବ୍ଦ ଘୋଷଣା କରିଛି। ଏହି ଶବ୍ଦ ଡିଜିଟାଲ ଯୁଗରେ ମଣିଷର ଜୀବନଶୈଳୀ ଓ ସାମାଜିକ ପରିବର୍ତ୍ତନକୁ ପ୍ରତିଫଳିତ କରେ।
ଆଜିର ଅଗ୍ରଗଣ୍ୟ ରାଜନୀତିରେ ସହିତ ପ୍ରଜା ଓ ଶାସନ ମଧ୍ୟରେ ସମ୍ପର୍କ ଦୃଢ଼ ହେବା ଆବଶ୍ୟକ। ଉଜ୍ଜ୍ୱଳ ଭବିଷ୍ୟତ ପାଇଁ ସ୍ୱଚ୍ଛତା, ଦାୟିତ୍ୱବୋଧ ଓ ଜନକଲ୍ୟାଣ ପ୍ରତି ପ୍ରତିବଦ୍ଧତା ଜରୁରୀ। ରାଜ୍ୟର ବିଭିନ୍ନ ଅଞ୍ଚଳରେ ଉନ୍ନୟନ କାର୍ଯ୍ୟ ଦ୍ରୁତ ଗତିରେ ଚାଲିଛି।
ବିଧାନସଭା ନିର୍ବାଚନ ପୂର୍ବରୁ ରାଜନୈତିକ ଦଳଗୁଡ଼ିକ ମଧ୍ୟରେ ପ୍ରତିଦ୍ୱନ୍ଦ୍ୱିତା ତୀବ୍ର ହୋଇଛି। ପ୍ରତ୍ୟେକ ଦଳ ନିଜର ଶକ୍ତି ପ୍ରଦର୍ଶନ କରୁଛନ୍ତି ଏବଂ ଭୋଟରଙ୍କୁ ଆକର୍ଷିତ କରିବା ପାଇଁ ନୂଆ ନୂଆ ପ୍ରତିଶ୍ରୁତି ଦେଉଛନ୍ତି।
ଅକ୍ସଫୋର୍ଡ ଡିକ୍ସନାରୀ ଚଳିତ ବର୍ଷର ଶ୍ରେଷ୍ଠ ଶବ୍ଦ ଘୋଷଣା କରିଛି। ଏହି ଶବ୍ଦ ଡିଜିଟାଲ ଯୁଗରେ ମଣିଷର ଜୀବନଶୈଳୀ ଓ ସାମାଜିକ ପରିବର୍ତ୍ତନକୁ ପ୍ରତିଫଳିତ କରେ।
